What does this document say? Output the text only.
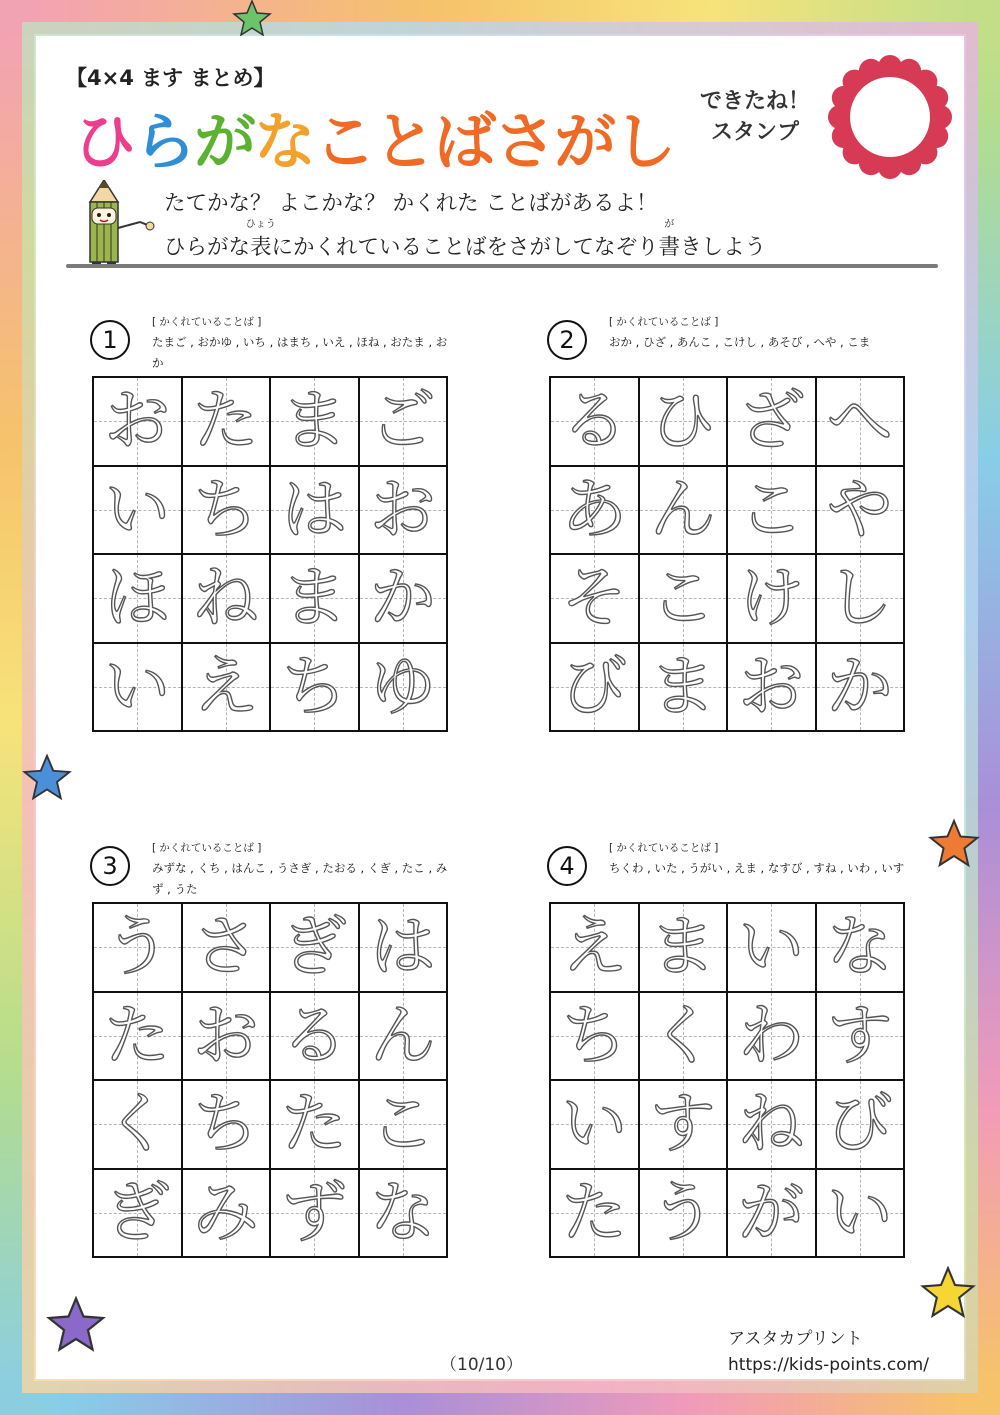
【4×4 ます まとめ】
ひらがなことばさがし
できたね！
スタンプ
たてかな？ よこかな？ かくれた ことばがあるよ！
ひらがな
ひょう
表にかくれていることばをさがしてなぞり
が
書きしよう
1
[ かくれていることば ]
たまご , おかゆ , いち , はまち , いえ , ほね , おたま , おか
お た ま ご
い ち は お
ほ ね ま か
い え ち ゆ
2
[ かくれていることば ]
おか , ひざ , あんこ , こけし , あそび , へや , こま
る ひ ざ へ
あ ん こ や
そ こ け し
び ま お か
3
[ かくれていることば ]
みずな , くち , はんこ , うさぎ , たおる , くぎ , たこ , みず , うた
う さ ぎ は
た お る ん
く ち た こ
ぎ み ず な
4
[ かくれていることば ]
ちくわ , いた , うがい , えま , なすび , すね , いわ , いす
え ま い な
ち く わ す
い す ね び
た う が い
（10/10）
アスタカプリント
https://kids-points.com/
